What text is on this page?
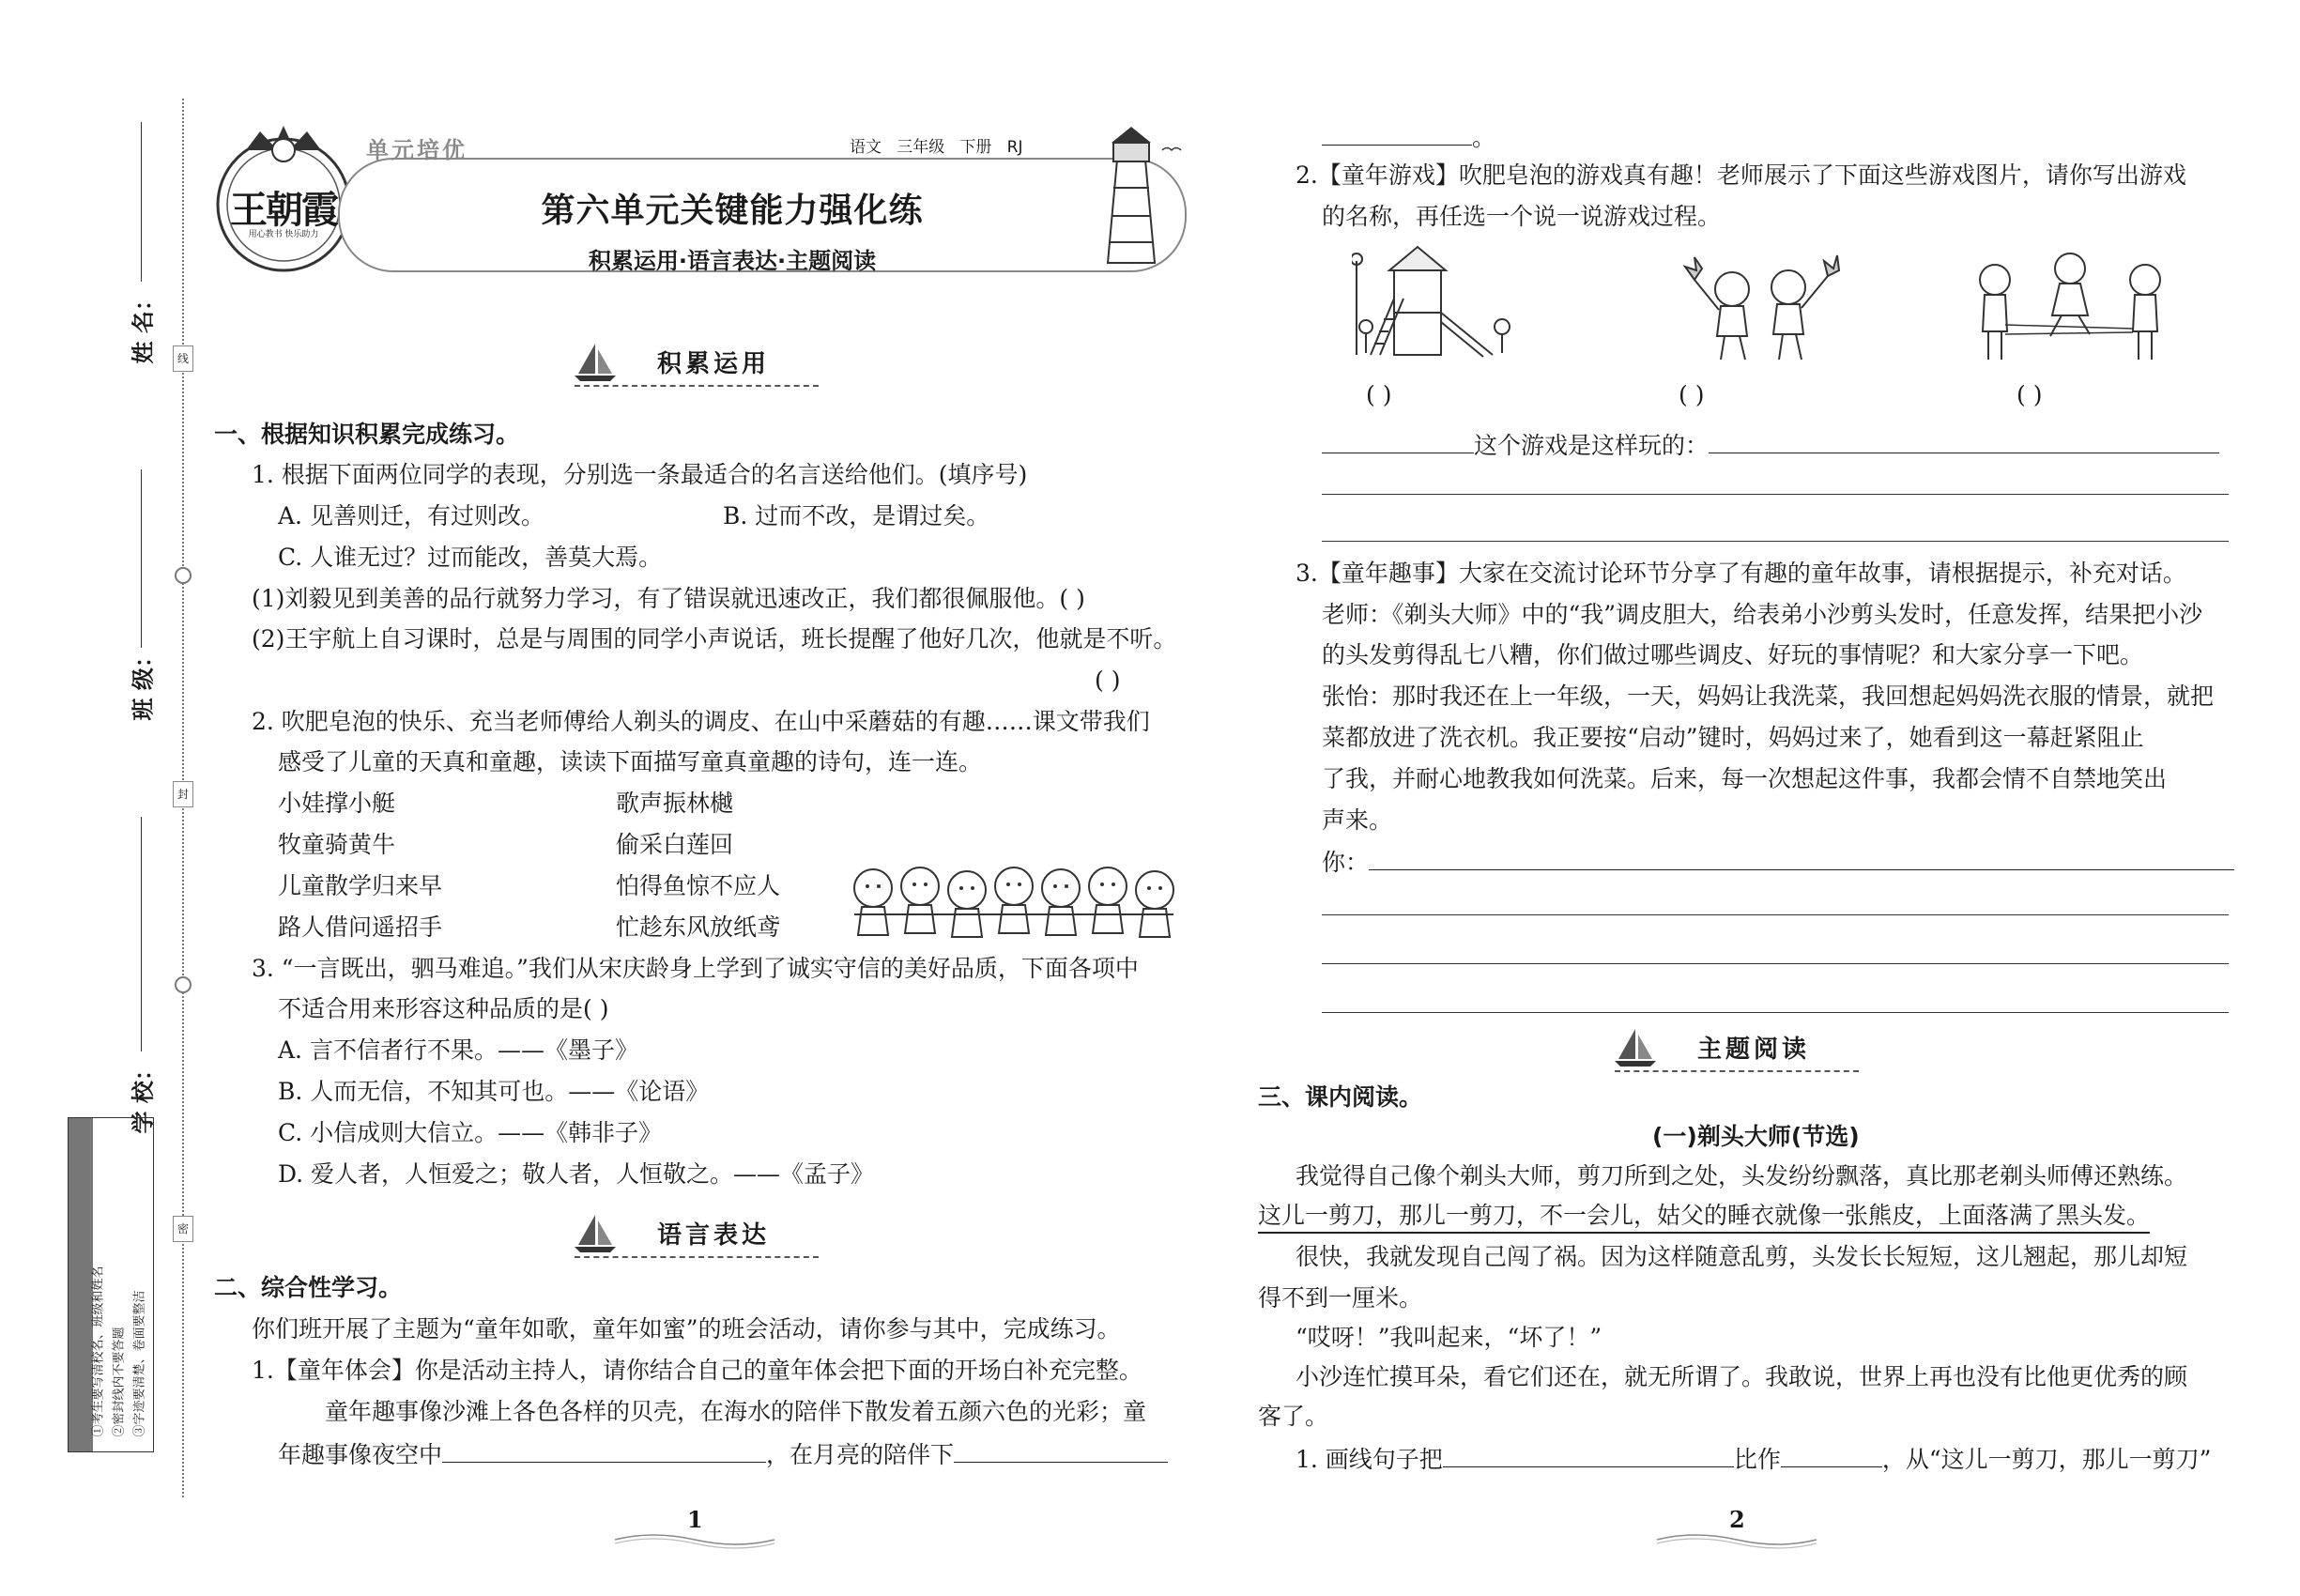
线
封
密
姓 名：
班 级：
学 校：
注意事项
①考生要写清校名、班级和姓名 ②密封线内不要答题 ③字迹要清楚、卷面要整洁
王朝霞
用心教书 快乐助力
单元培优	语文   三年级   下册   RJ
第六单元关键能力强化练
积累运用·语言表达·主题阅读
积累运用
一、根据知识积累完成练习。
1. 根据下面两位同学的表现，分别选一条最适合的名言送给他们。(填序号)
A. 见善则迁，有过则改。	B. 过而不改，是谓过矣。
C. 人谁无过？过而能改，善莫大焉。
(1)刘毅见到美善的品行就努力学习，有了错误就迅速改正，我们都很佩服他。( )
(2)王宇航上自习课时，总是与周围的同学小声说话，班长提醒了他好几次，他就是不听。
( )
2. 吹肥皂泡的快乐、充当老师傅给人剃头的调皮、在山中采蘑菇的有趣……课文带我们
感受了儿童的天真和童趣，读读下面描写童真童趣的诗句，连一连。
小娃撑小艇	歌声振林樾
牧童骑黄牛	偷采白莲回
儿童散学归来早	怕得鱼惊不应人
路人借问遥招手	忙趁东风放纸鸢
3. “一言既出，驷马难追。”我们从宋庆龄身上学到了诚实守信的美好品质，下面各项中
不适合用来形容这种品质的是( )
A. 言不信者行不果。——《墨子》
B. 人而无信，不知其可也。——《论语》
C. 小信成则大信立。——《韩非子》
D. 爱人者，人恒爱之；敬人者，人恒敬之。——《孟子》
语言表达
二、综合性学习。
你们班开展了主题为“童年如歌，童年如蜜”的班会活动，请你参与其中，完成练习。
1.【童年体会】你是活动主持人，请你结合自己的童年体会把下面的开场白补充完整。
童年趣事像沙滩上各色各样的贝壳，在海水的陪伴下散发着五颜六色的光彩；童
年趣事像夜空中	，在月亮的陪伴下
1
。
2.【童年游戏】吹肥皂泡的游戏真有趣！老师展示了下面这些游戏图片，请你写出游戏
的名称，再任选一个说一说游戏过程。
( )	( )	( )
这个游戏是这样玩的：
3.【童年趣事】大家在交流讨论环节分享了有趣的童年故事，请根据提示，补充对话。
老师：《剃头大师》中的“我”调皮胆大，给表弟小沙剪头发时，任意发挥，结果把小沙
的头发剪得乱七八糟，你们做过哪些调皮、好玩的事情呢？和大家分享一下吧。
张怡：那时我还在上一年级，一天，妈妈让我洗菜，我回想起妈妈洗衣服的情景，就把
菜都放进了洗衣机。我正要按“启动”键时，妈妈过来了，她看到这一幕赶紧阻止
了我，并耐心地教我如何洗菜。后来，每一次想起这件事，我都会情不自禁地笑出
声来。
你：
主题阅读
三、课内阅读。
(一)剃头大师(节选)
我觉得自己像个剃头大师，剪刀所到之处，头发纷纷飘落，真比那老剃头师傅还熟练。
这儿一剪刀，那儿一剪刀，不一会儿，姑父的睡衣就像一张熊皮，上面落满了黑头发。
很快，我就发现自己闯了祸。因为这样随意乱剪，头发长长短短，这儿翘起，那儿却短
得不到一厘米。
“哎呀！”我叫起来，“坏了！”
小沙连忙摸耳朵，看它们还在，就无所谓了。我敢说，世界上再也没有比他更优秀的顾
客了。
1. 画线句子把	比作	，从“这儿一剪刀，那儿一剪刀”
2
